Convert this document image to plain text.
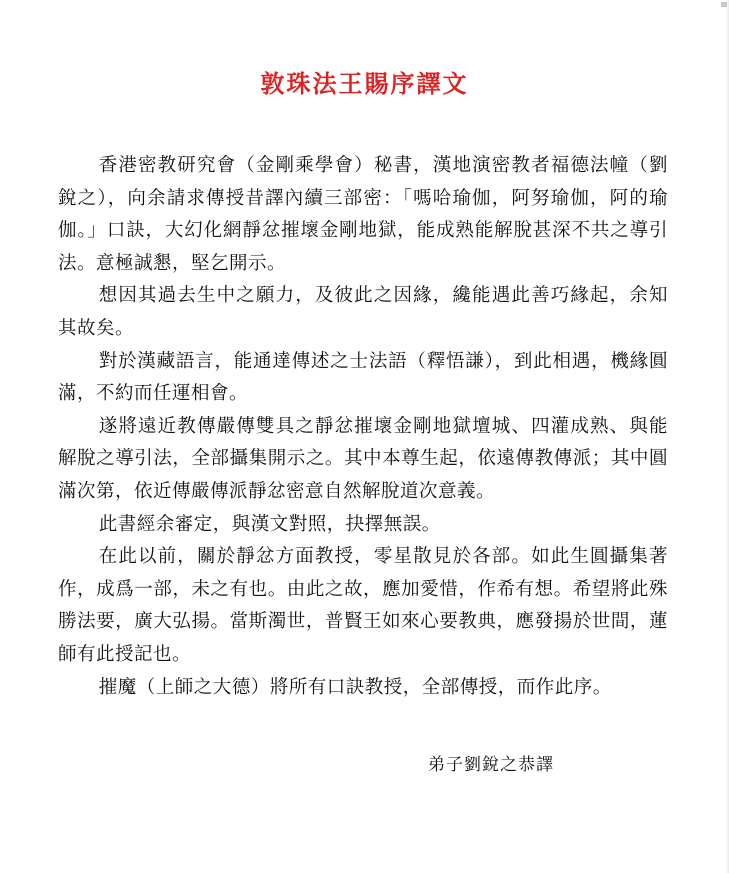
敦珠法王賜序譯文

香港密教研究會（金剛乘學會）秘書，漢地演密教者福德法幢（劉銳之），向余請求傳授昔譯內續三部密：「嗎哈瑜伽，阿努瑜伽，阿的瑜伽。」口訣，大幻化網靜忿摧壞金剛地獄，能成熟能解脫甚深不共之導引法。意極誠懇，堅乞開示。

想因其過去生中之願力，及彼此之因緣，纔能遇此善巧緣起，余知其故矣。

對於漢藏語言，能通達傳述之士法語（釋悟謙），到此相遇，機緣圓滿，不約而任運相會。

遂將遠近教傳嚴傳雙具之靜忿摧壞金剛地獄壇城、四灌成熟、與能解脫之導引法，全部攝集開示之。其中本尊生起，依遠傳教傳派；其中圓滿次第，依近傳嚴傳派靜忿密意自然解脫道次意義。

此書經余審定，與漢文對照，抉擇無誤。

在此以前，關於靜忿方面教授，零星散見於各部。如此生圓攝集著作，成爲一部，未之有也。由此之故，應加愛惜，作希有想。希望將此殊勝法要，廣大弘揚。當斯濁世，普賢王如來心要教典，應發揚於世間，蓮師有此授記也。

摧魔（上師之大德）將所有口訣教授，全部傳授，而作此序。

弟子劉銳之恭譯
